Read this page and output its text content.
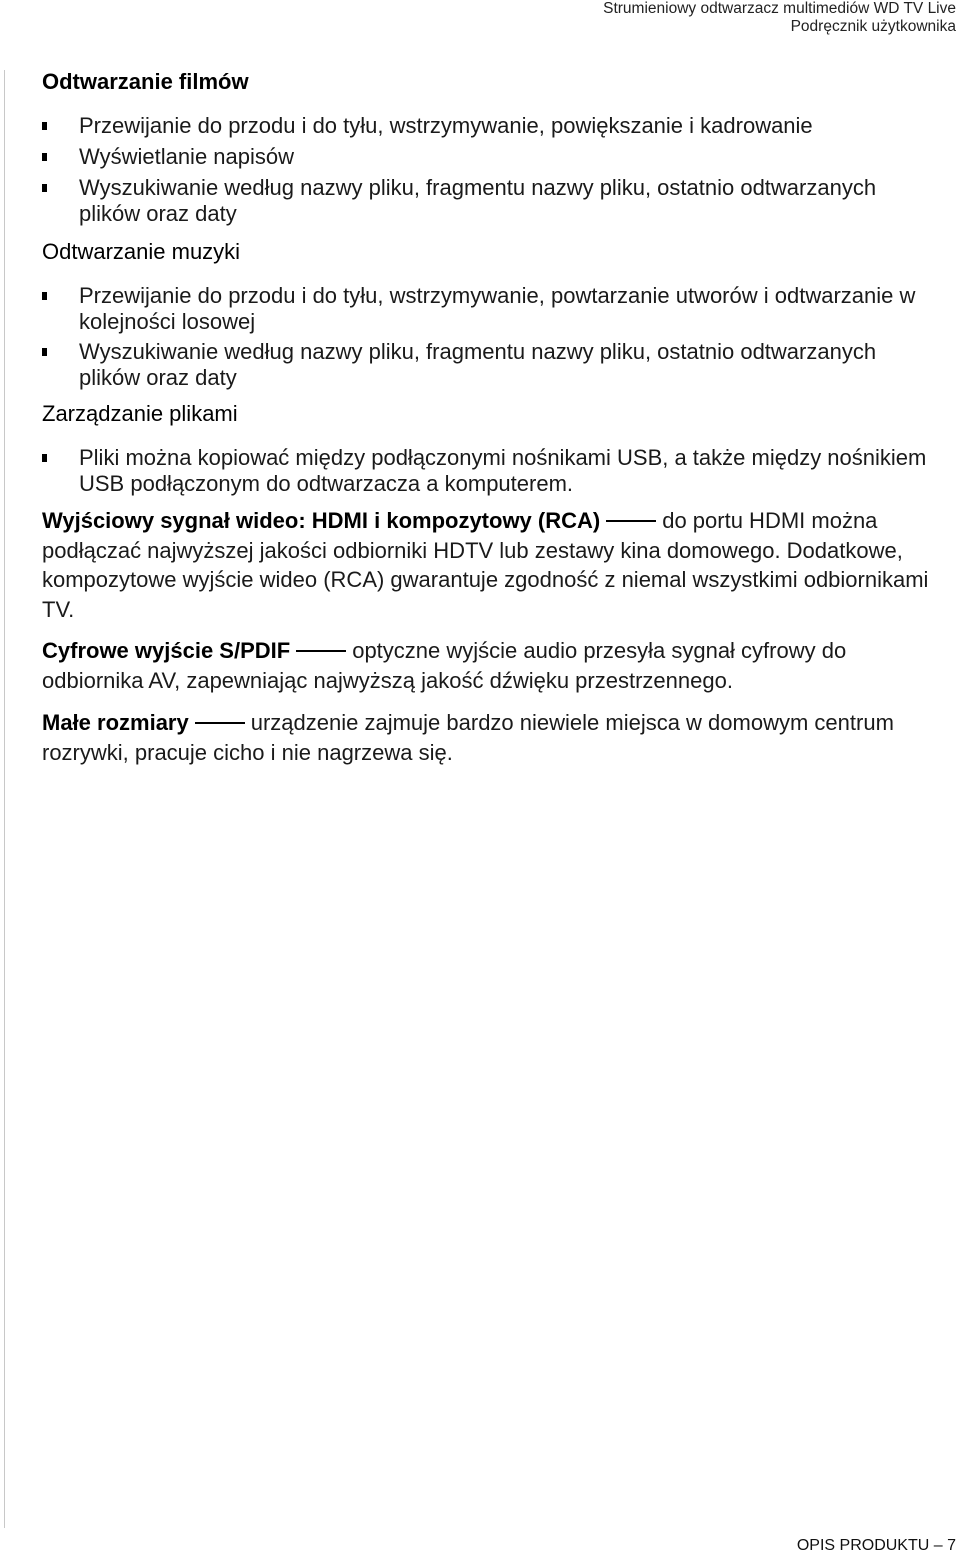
Strumieniowy odtwarzacz multimediów WD TV Live
Podręcznik użytkownika
Odtwarzanie filmów
Przewijanie do przodu i do tyłu, wstrzymywanie, powiększanie i kadrowanie
Wyświetlanie napisów
Wyszukiwanie według nazwy pliku, fragmentu nazwy pliku, ostatnio odtwarzanych plików oraz daty
Odtwarzanie muzyki
Przewijanie do przodu i do tyłu, wstrzymywanie, powtarzanie utworów i odtwarzanie w kolejności losowej
Wyszukiwanie według nazwy pliku, fragmentu nazwy pliku, ostatnio odtwarzanych plików oraz daty
Zarządzanie plikami
Pliki można kopiować między podłączonymi nośnikami USB, a także między nośnikiem USB podłączonym do odtwarzacza a komputerem.
Wyjściowy sygnał wideo: HDMI i kompozytowy (RCA)	do portu HDMI można podłączać najwyższej jakości odbiorniki HDTV lub zestawy kina domowego. Dodatkowe, kompozytowe wyjście wideo (RCA) gwarantuje zgodność z niemal wszystkimi odbiornikami TV.
Cyfrowe wyjście S/PDIF	optyczne wyjście audio przesyła sygnał cyfrowy do odbiornika AV, zapewniając najwyższą jakość dźwięku przestrzennego.
Małe rozmiary	urządzenie zajmuje bardzo niewiele miejsca w domowym centrum rozrywki, pracuje cicho i nie nagrzewa się.
OPIS PRODUKTU – 7
